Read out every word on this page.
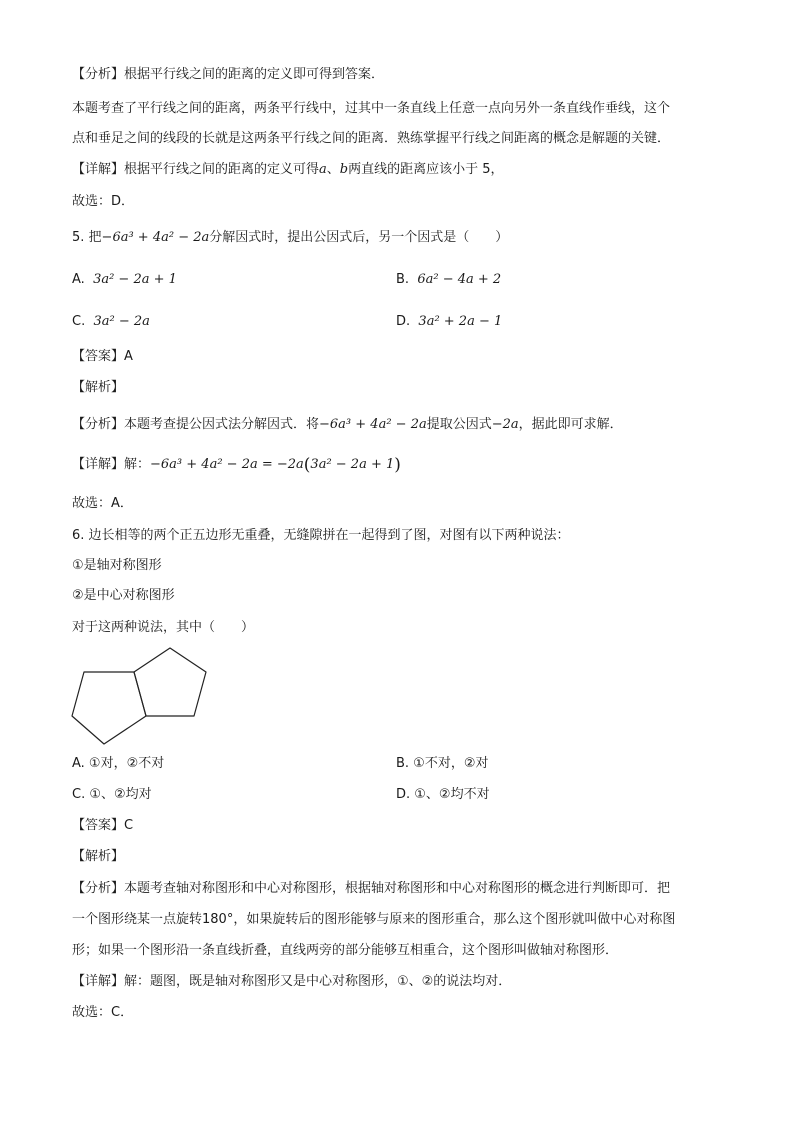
【分析】根据平行线之间的距离的定义即可得到答案．
本题考查了平行线之间的距离，两条平行线中，过其中一条直线上任意一点向另外一条直线作垂线，这个
点和垂足之间的线段的长就是这两条平行线之间的距离．熟练掌握平行线之间距离的概念是解题的关键．
【详解】根据平行线之间的距离的定义可得a、b两直线的距离应该小于 5，
故选：D．
5. 把−6a³ + 4a² − 2a分解因式时，提出公因式后，另一个因式是（　　）
A. 3a² − 2a + 1	B. 6a² − 4a + 2
C. 3a² − 2a	D. 3a² + 2a − 1
【答案】A
【解析】
【分析】本题考查提公因式法分解因式．将−6a³ + 4a² − 2a提取公因式−2a，据此即可求解．
【详解】解：−6a³ + 4a² − 2a = −2a(3a² − 2a + 1)
故选：A．
6. 边长相等的两个正五边形无重叠，无缝隙拼在一起得到了图，对图有以下两种说法：
①是轴对称图形
②是中心对称图形
对于这两种说法，其中（　　）
A. ①对，②不对	B. ①不对，②对
C. ①、②均对	D. ①、②均不对
【答案】C
【解析】
【分析】本题考查轴对称图形和中心对称图形，根据轴对称图形和中心对称图形的概念进行判断即可．把
一个图形绕某一点旋转180°，如果旋转后的图形能够与原来的图形重合，那么这个图形就叫做中心对称图
形；如果一个图形沿一条直线折叠，直线两旁的部分能够互相重合，这个图形叫做轴对称图形．
【详解】解：题图，既是轴对称图形又是中心对称图形，①、②的说法均对．
故选：C．
